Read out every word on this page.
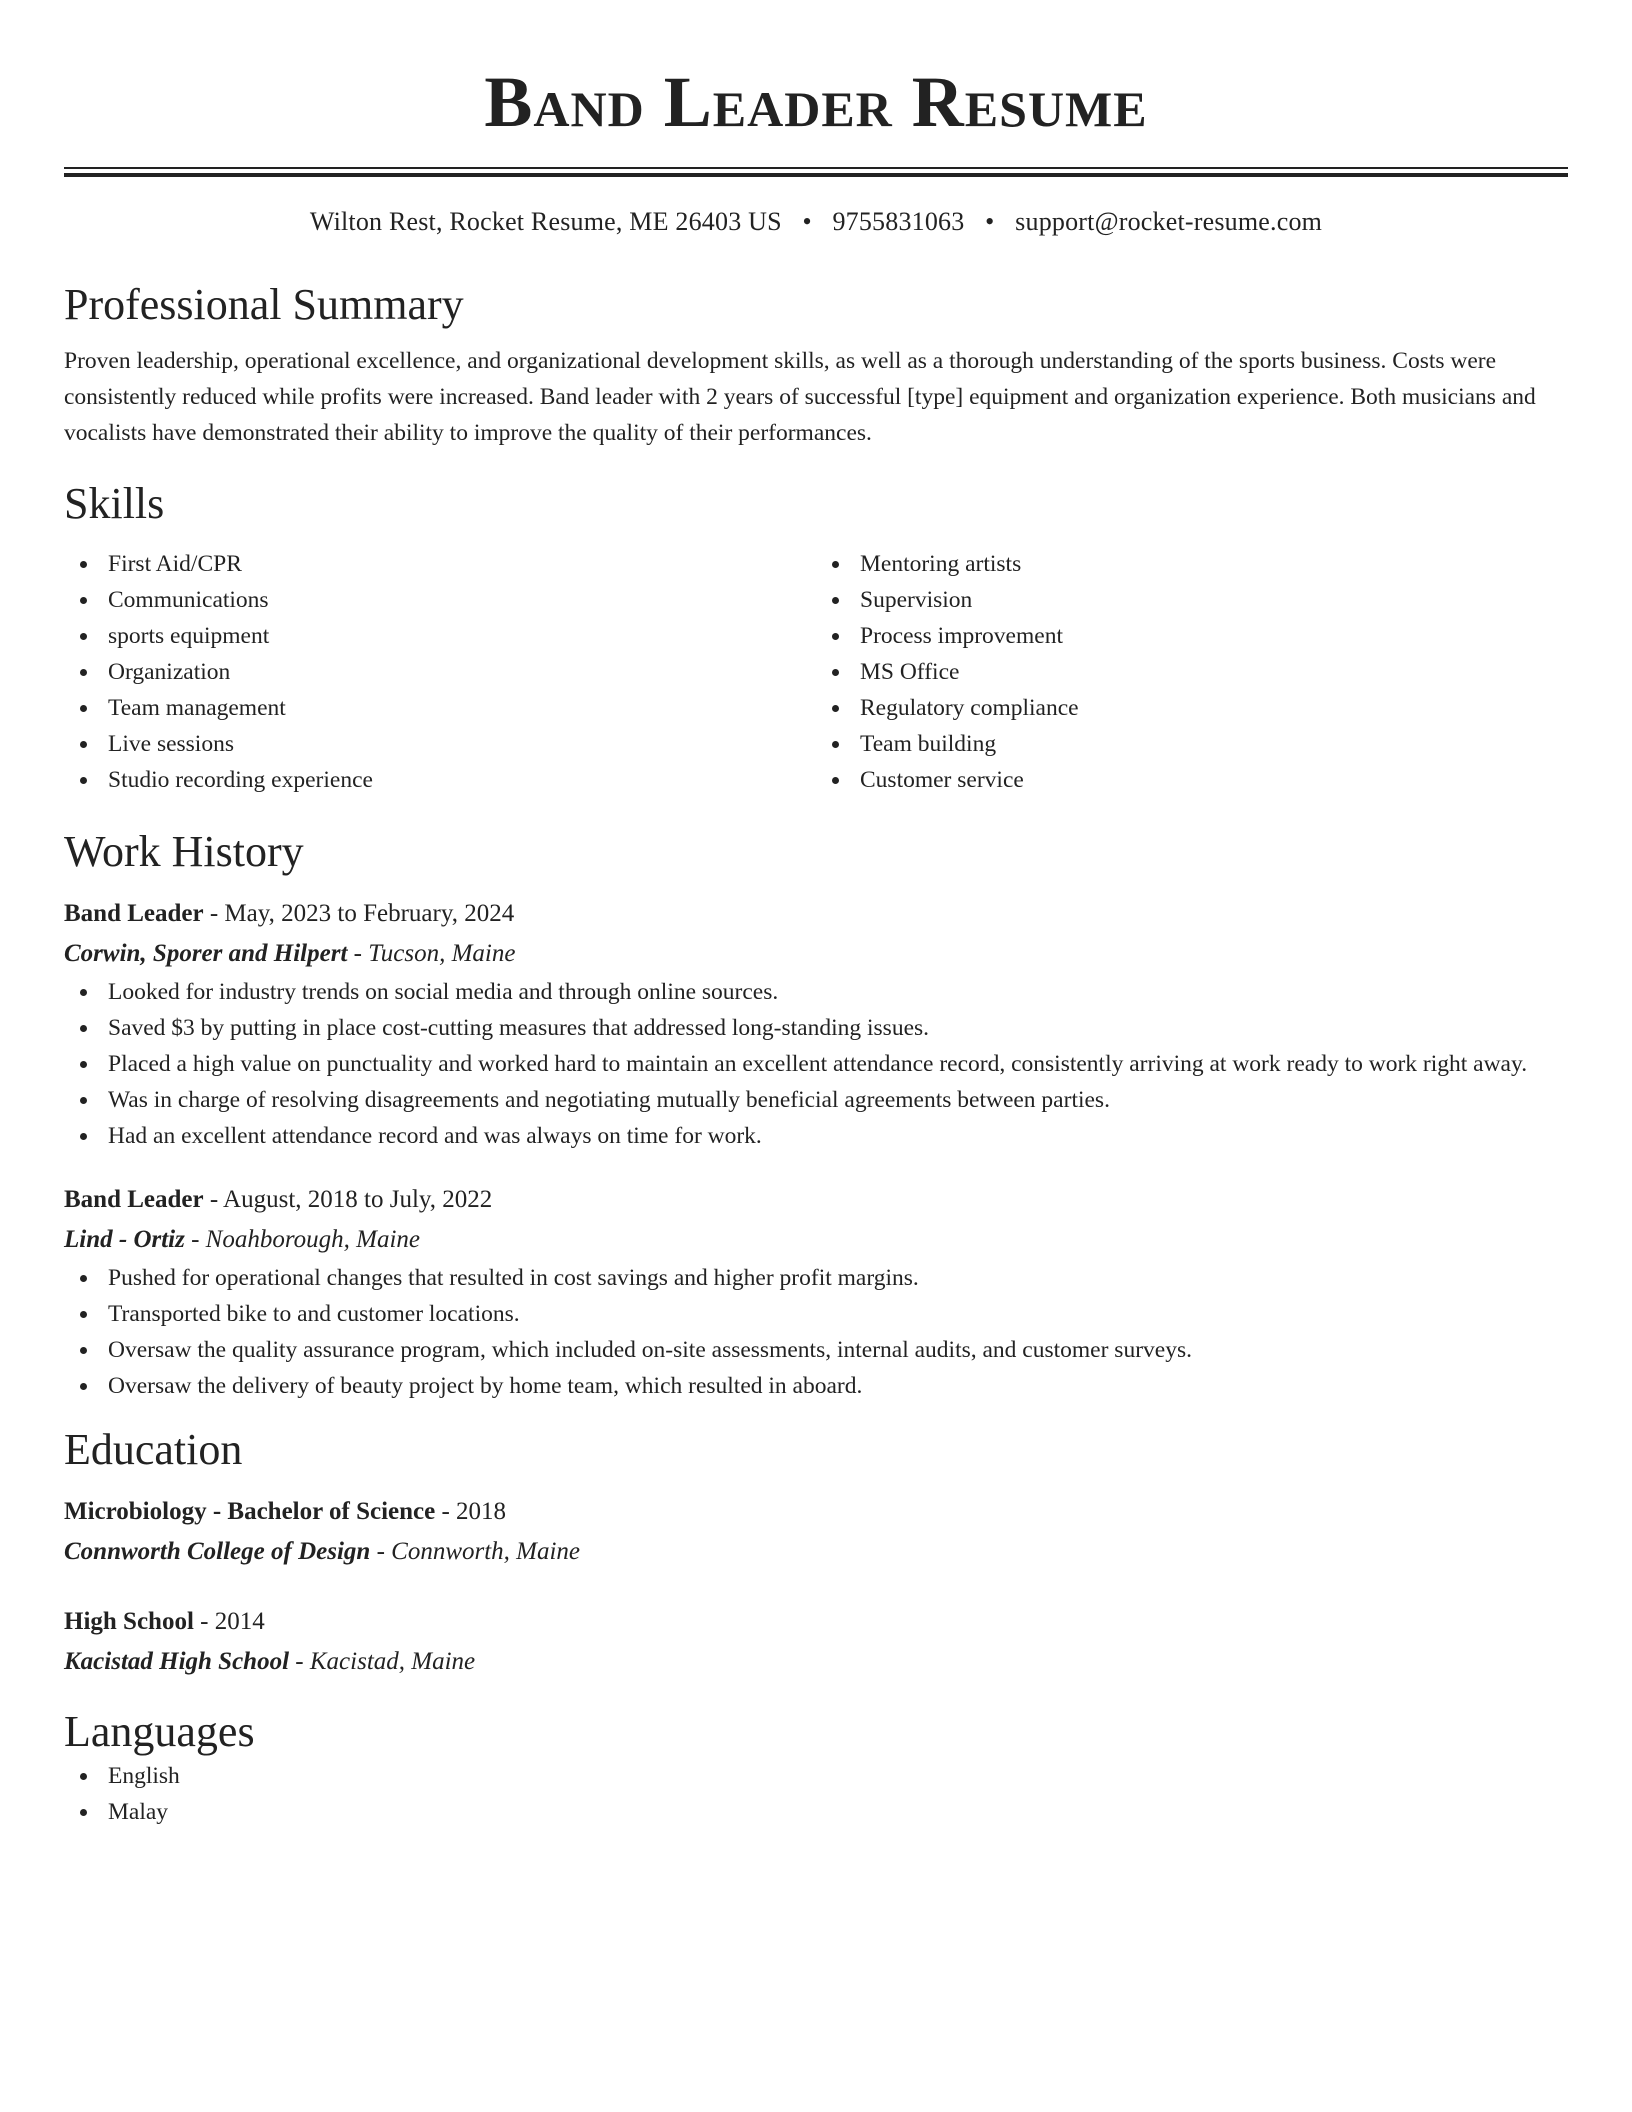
Band Leader Resume
Wilton Rest, Rocket Resume, ME 26403 US • 9755831063 • support@rocket-resume.com
Professional Summary

Proven leadership, operational excellence, and organizational development skills, as well as a thorough understanding of the sports business. Costs were consistently reduced while profits were increased. Band leader with 2 years of successful [type] equipment and organization experience. Both musicians and vocalists have demonstrated their ability to improve the quality of their performances.

Skills
First Aid/CPR
Communications
sports equipment
Organization
Team management
Live sessions
Studio recording experience
Mentoring artists
Supervision
Process improvement
MS Office
Regulatory compliance
Team building
Customer service
Work History
Band Leader - May, 2023 to February, 2024
Corwin, Sporer and Hilpert - Tucson, Maine
Looked for industry trends on social media and through online sources.
Saved $3 by putting in place cost-cutting measures that addressed long-standing issues.
Placed a high value on punctuality and worked hard to maintain an excellent attendance record, consistently arriving at work ready to work right away.
Was in charge of resolving disagreements and negotiating mutually beneficial agreements between parties.
Had an excellent attendance record and was always on time for work.
Band Leader - August, 2018 to July, 2022
Lind - Ortiz - Noahborough, Maine
Pushed for operational changes that resulted in cost savings and higher profit margins.
Transported bike to and customer locations.
Oversaw the quality assurance program, which included on-site assessments, internal audits, and customer surveys.
Oversaw the delivery of beauty project by home team, which resulted in aboard.
Education
Microbiology - Bachelor of Science - 2018
Connworth College of Design - Connworth, Maine
High School - 2014
Kacistad High School - Kacistad, Maine
Languages
English
Malay
